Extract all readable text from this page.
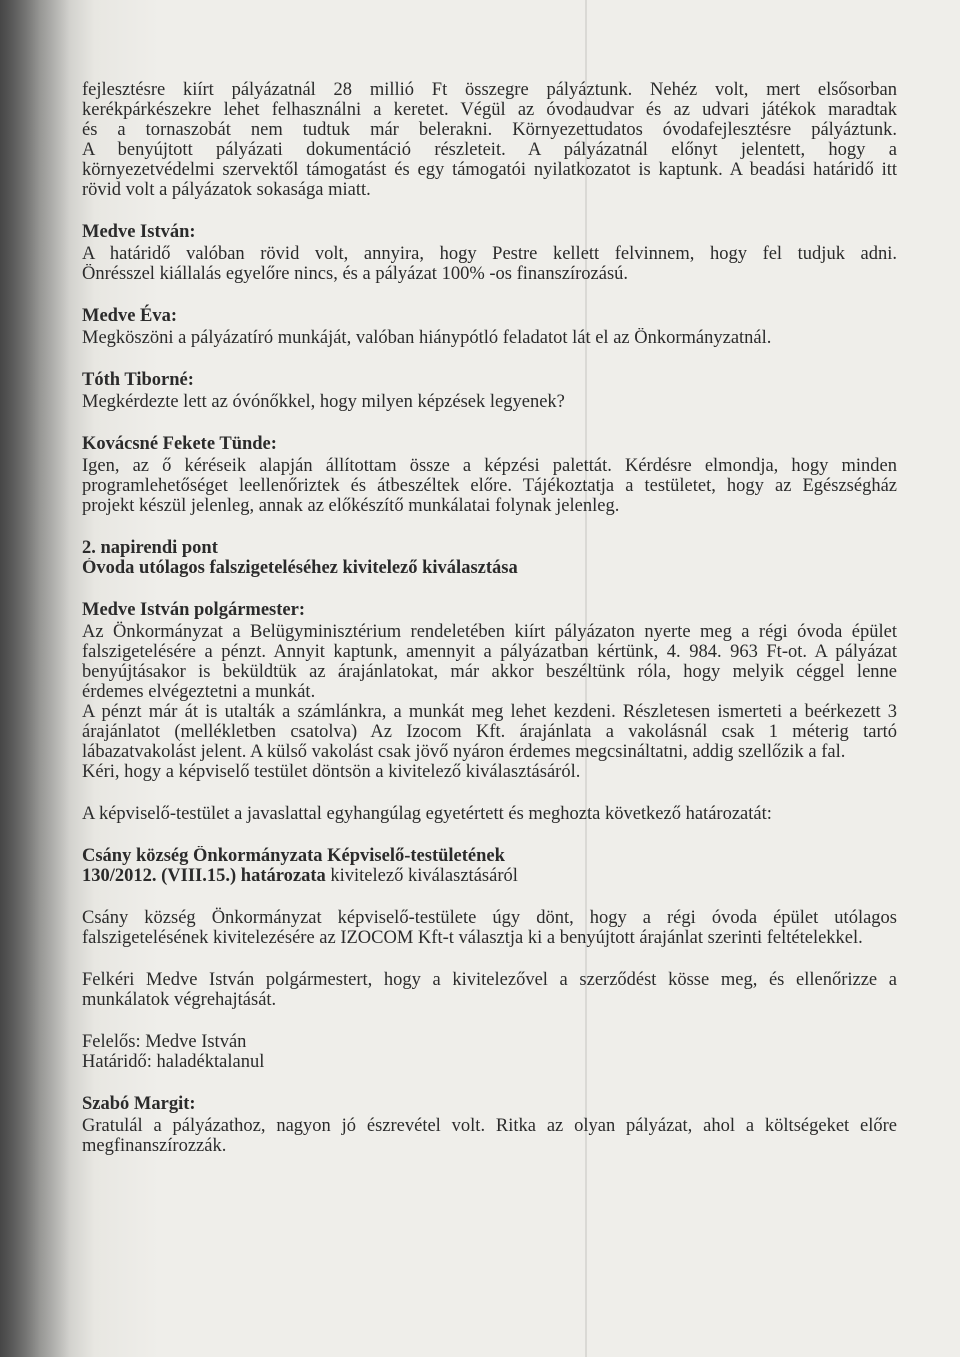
fejlesztésre kiírt pályázatnál 28 millió Ft összegre pályáztunk. Nehéz volt, mert elsősorban
kerékpárkészekre lehet felhasználni a keretet. Végül az óvodaudvar és az udvari játékok maradtak
és a tornaszobát nem tudtuk már belerakni. Környezettudatos óvodafejlesztésre pályáztunk.
A benyújtott pályázati dokumentáció részleteit. A pályázatnál előnyt jelentett, hogy a
környezetvédelmi szervektől támogatást és egy támogatói nyilatkozatot is kaptunk. A beadási határidő itt
rövid volt a pályázatok sokasága miatt.
Medve István:
A határidő valóban rövid volt, annyira, hogy Pestre kellett felvinnem, hogy fel tudjuk adni.
Önrésszel kiállalás egyelőre nincs, és a pályázat 100% -os finanszírozású.
Medve Éva:
Megköszöni a pályázatíró munkáját, valóban hiánypótló feladatot lát el az Önkormányzatnál.
Tóth Tiborné:
Megkérdezte lett az óvónőkkel, hogy milyen képzések legyenek?
Kovácsné Fekete Tünde:
Igen, az ő kéréseik alapján állítottam össze a képzési palettát. Kérdésre elmondja, hogy minden
programlehetőséget leellenőriztek és átbeszéltek előre. Tájékoztatja a testületet, hogy az Egészségház
projekt készül jelenleg, annak az előkészítő munkálatai folynak jelenleg.
2. napirendi pont
Óvoda utólagos falszigeteléséhez kivitelező kiválasztása
Medve István polgármester:
Az Önkormányzat a Belügyminisztérium rendeletében kiírt pályázaton nyerte meg a régi óvoda épület
falszigetelésére a pénzt. Annyit kaptunk, amennyit a pályázatban kértünk, 4. 984. 963 Ft-ot. A pályázat
benyújtásakor is beküldtük az árajánlatokat, már akkor beszéltünk róla, hogy melyik céggel lenne
érdemes elvégeztetni a munkát.
A pénzt már át is utalták a számlánkra, a munkát meg lehet kezdeni. Részletesen ismerteti a beérkezett 3
árajánlatot (mellékletben csatolva) Az Izocom Kft. árajánlata a vakolásnál csak 1 méterig tartó
lábazatvakolást jelent. A külső vakolást csak jövő nyáron érdemes megcsináltatni, addig szellőzik a fal.
Kéri, hogy a képviselő testület döntsön a kivitelező kiválasztásáról.
A képviselő-testület a javaslattal egyhangúlag egyetértett és meghozta következő határozatát:
Csány község Önkormányzata Képviselő-testületének
130/2012. (VIII.15.) határozata kivitelező kiválasztásáról
Csány község Önkormányzat képviselő-testülete úgy dönt, hogy a régi óvoda épület utólagos
falszigetelésének kivitelezésére az IZOCOM Kft-t választja ki a benyújtott árajánlat szerinti feltételekkel.
Felkéri Medve István polgármestert, hogy a kivitelezővel a szerződést kösse meg, és ellenőrizze a
munkálatok végrehajtását.
Felelős: Medve István
Határidő: haladéktalanul
Szabó Margit:
Gratulál a pályázathoz, nagyon jó észrevétel volt. Ritka az olyan pályázat, ahol a költségeket előre
megfinanszírozzák.
